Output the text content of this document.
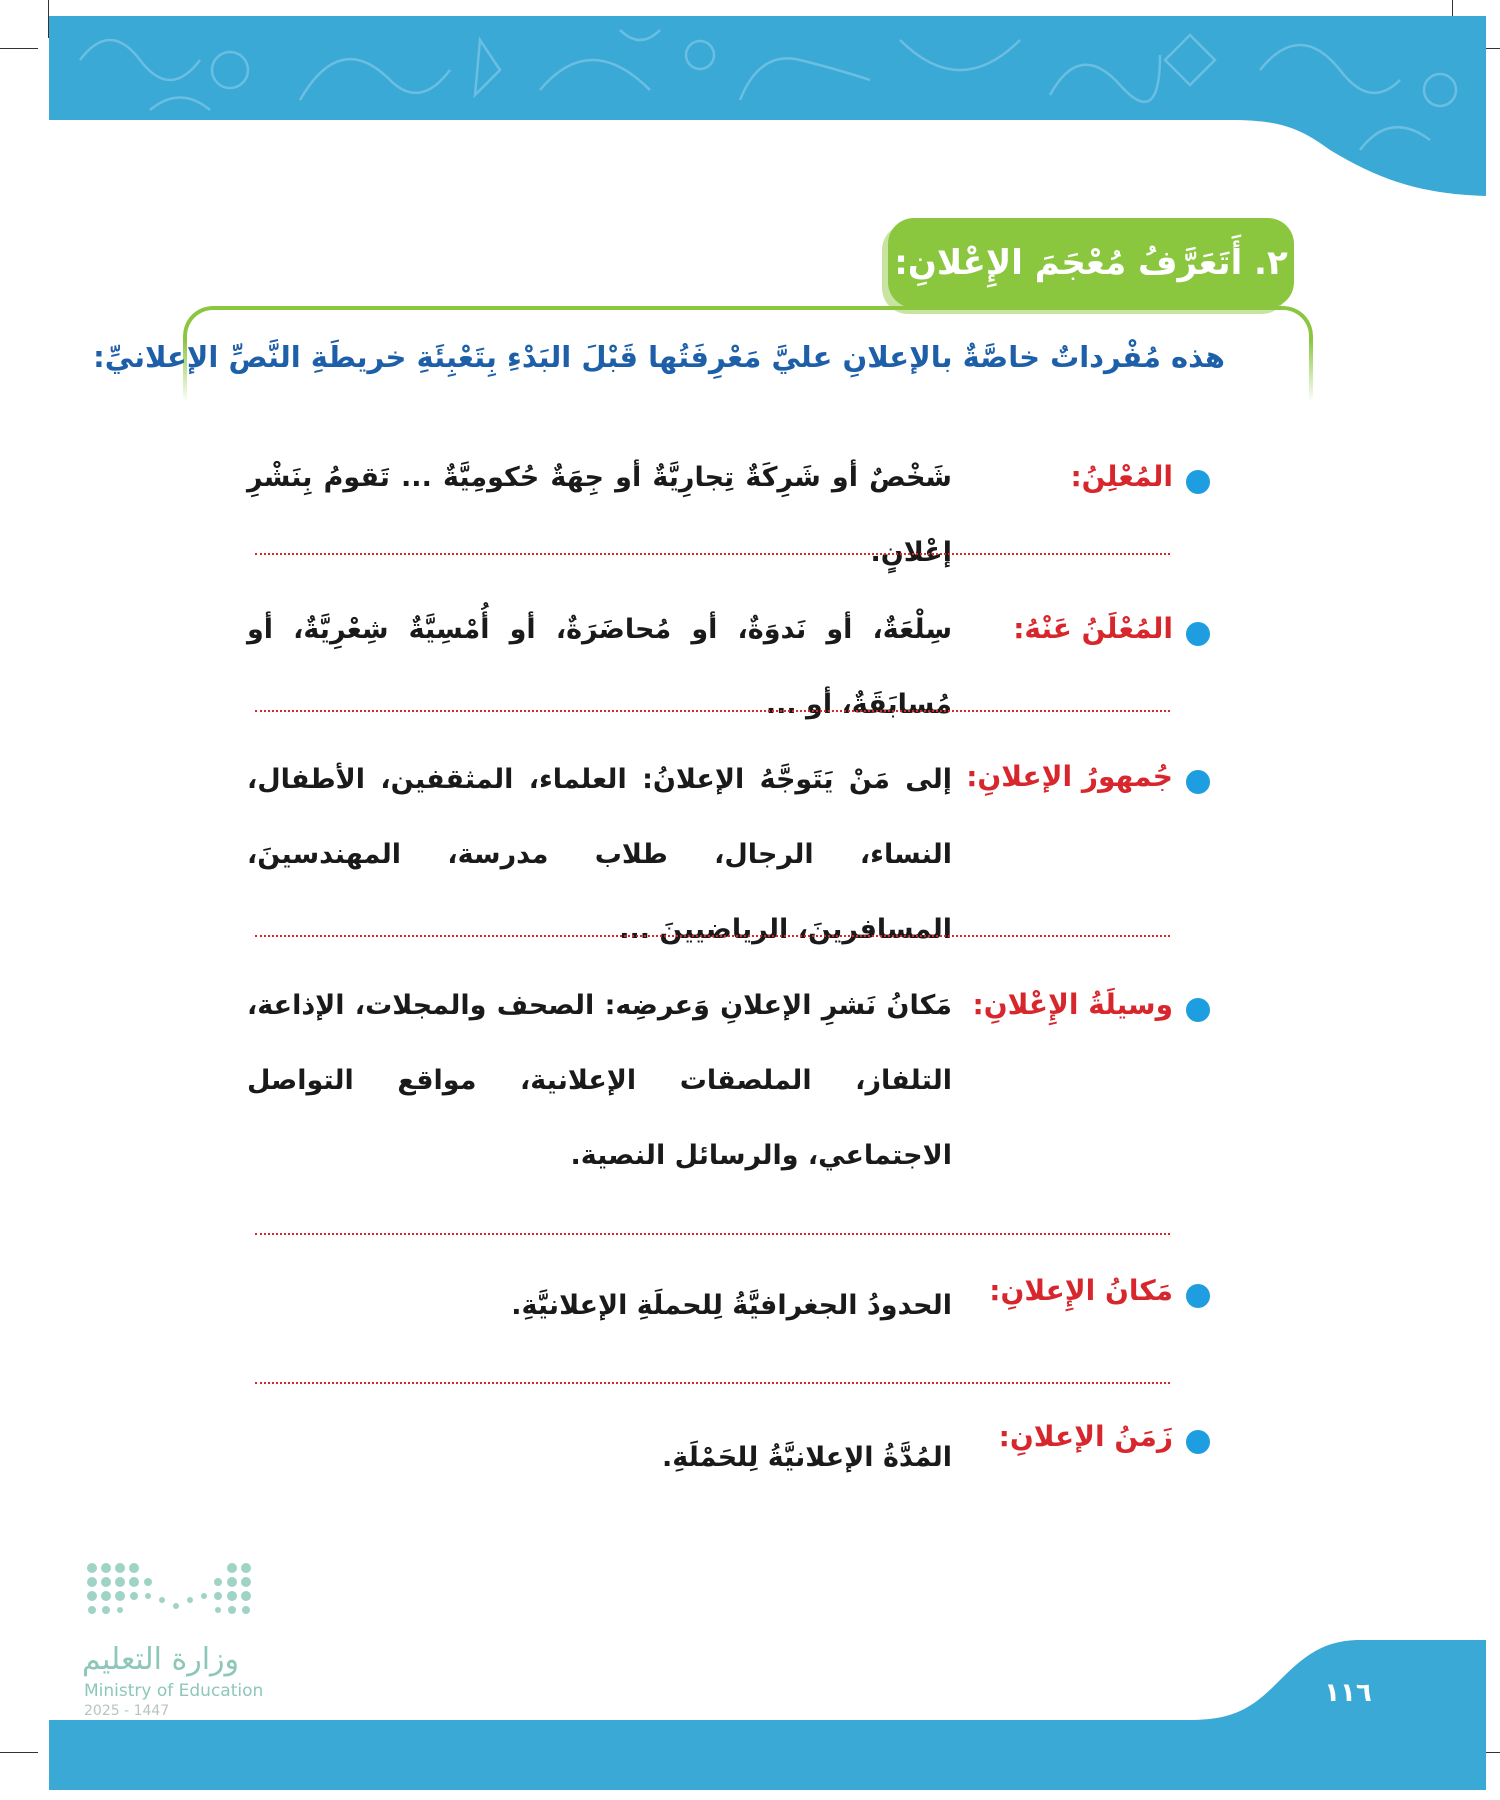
٢. أَتَعَرَّفُ مُعْجَمَ الإِعْلانِ:
هذه مُفْرداتٌ خاصَّةٌ بالإعلانِ عليَّ مَعْرِفَتُها قَبْلَ البَدْءِ بِتَعْبِئَةِ خريطَةِ النَّصِّ الإعلانيِّ:
المُعْلِنُ:
شَخْصٌ أو شَرِكَةٌ تِجارِيَّةٌ أو جِهَةٌ حُكومِيَّةٌ ... تَقومُ بِنَشْرِ إعْلانٍ.
المُعْلَنُ عَنْهُ:
سِلْعَةٌ، أو نَدوَةٌ، أو مُحاضَرَةٌ، أو أُمْسِيَّةٌ شِعْرِيَّةٌ، أو مُسابَقَةٌ، أو ...
جُمهورُ الإعلانِ:
إلى مَنْ يَتَوجَّهُ الإعلانُ: العلماء، المثقفين، الأطفال، النساء، الرجال، طلاب مدرسة، المهندسينَ، المسافرينَ، الرياضيينَ ...
وسيلَةُ الإِعْلانِ:
مَكانُ نَشرِ الإعلانِ وَعرضِه: الصحف والمجلات، الإذاعة، التلفاز، الملصقات الإعلانية، مواقع التواصل الاجتماعي، والرسائل النصية.
مَكانُ الإِعلانِ:
الحدودُ الجغرافيَّةُ لِلحملَةِ الإعلانيَّةِ.
زَمَنُ الإعلانِ:
المُدَّةُ الإعلانيَّةُ لِلحَمْلَةِ.
وزارة التعليم
Ministry of Education
2025 - 1447
١١٦
